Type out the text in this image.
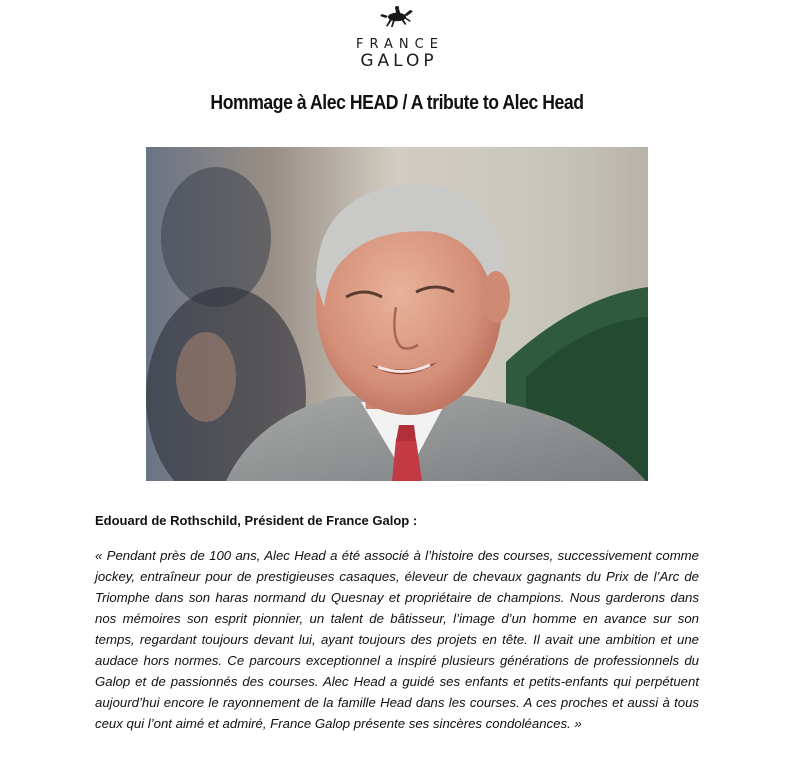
FRANCE
GALOP
Hommage à Alec HEAD / A tribute to Alec Head
Edouard de Rothschild, Président de France Galop :

« Pendant près de 100 ans, Alec Head a été associé à l’histoire des courses, successivement comme jockey, entraîneur pour de prestigieuses casaques, éleveur de chevaux gagnants du Prix de l’Arc de Triomphe dans son haras normand du Quesnay et propriétaire de champions. Nous garderons dans nos mémoires son esprit pionnier, un talent de bâtisseur, l’image d’un homme en avance sur son temps, regardant toujours devant lui, ayant toujours des projets en tête. Il avait une ambition et une audace hors normes. Ce parcours exceptionnel a inspiré plusieurs générations de professionnels du Galop et de passionnés des courses. Alec Head a guidé ses enfants et petits-enfants qui perpétuent aujourd’hui encore le rayonnement de la famille Head dans les courses. A ces proches et aussi à tous ceux qui l’ont aimé et admiré, France Galop présente ses sincères condoléances. »
